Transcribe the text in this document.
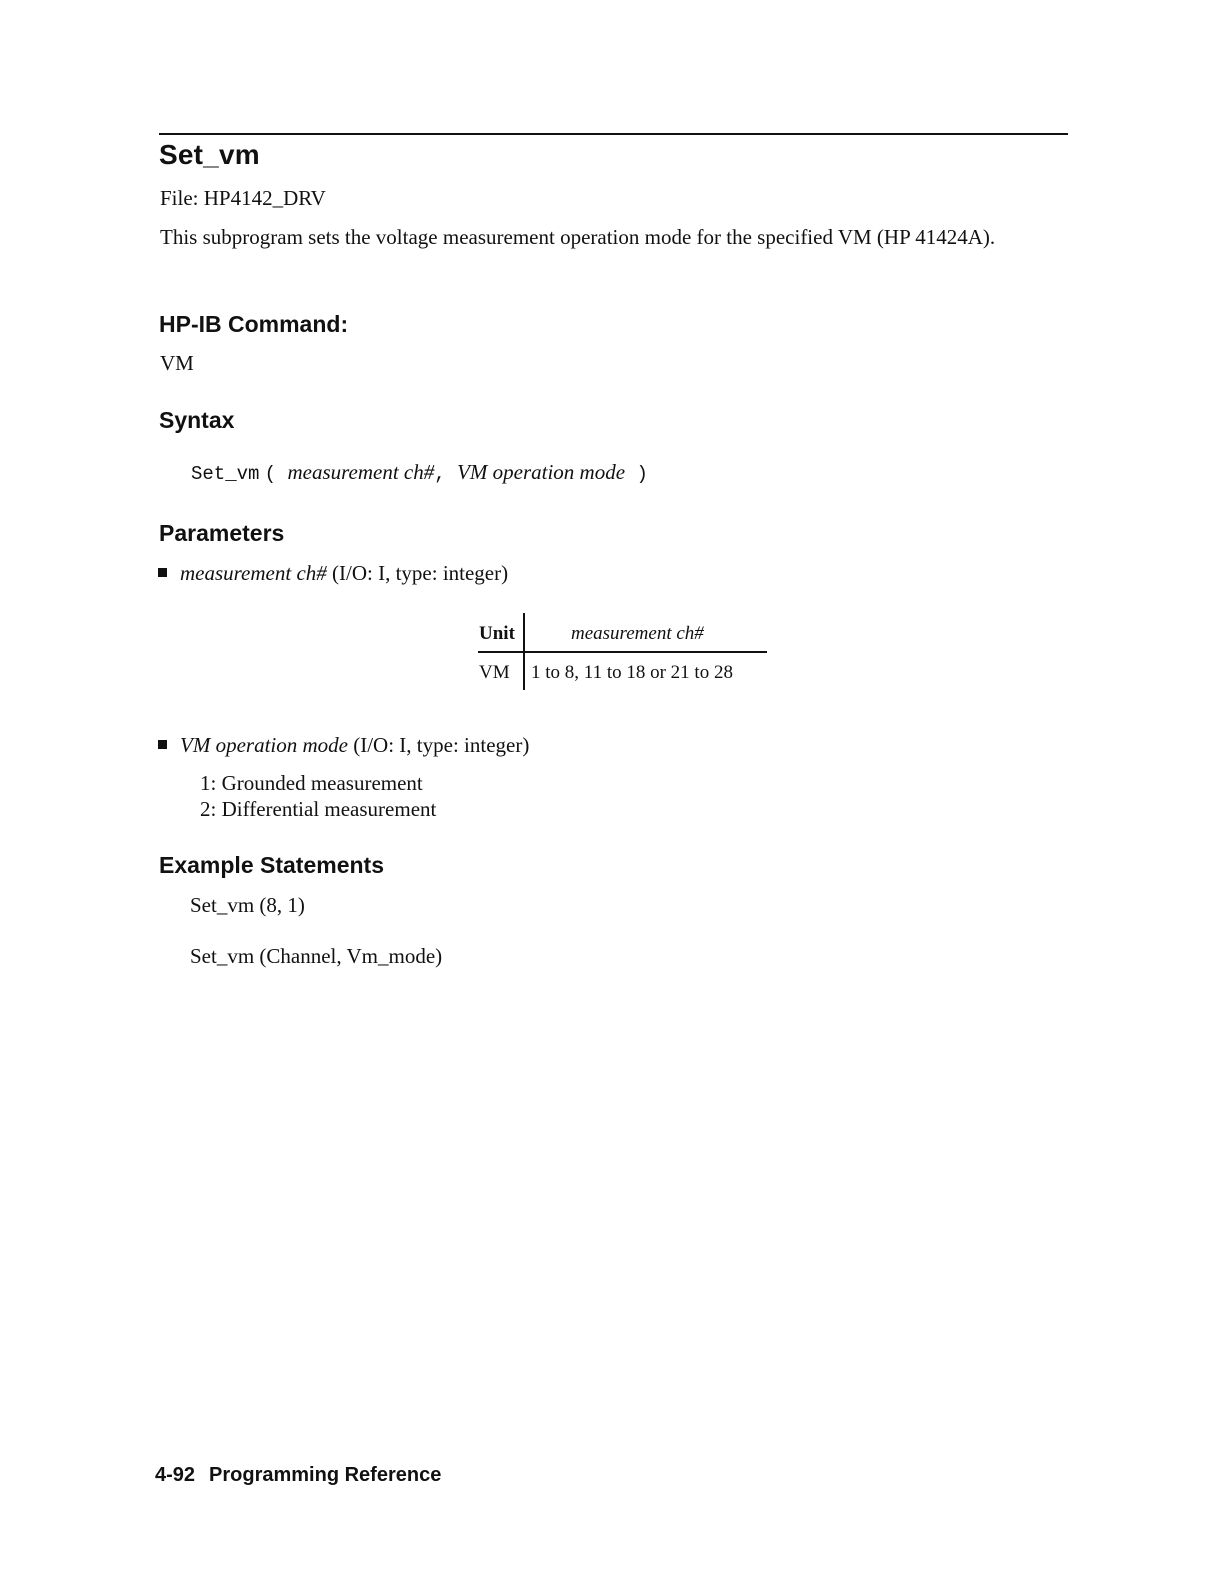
Set_vm
File: HP4142_DRV
This subprogram sets the voltage measurement operation mode for the specified VM (HP 41424A).
HP-IB Command:
VM
Syntax
Set_vm ( measurement ch#, VM operation mode )
Parameters
measurement ch# (I/O: I, type: integer)
Unit	measurement ch#
VM 1 to 8, 11 to 18 or 21 to 28
VM operation mode (I/O: I, type: integer)
1: Grounded measurement
2: Differential measurement
Example Statements
Set_vm (8, 1)
Set_vm (Channel, Vm_mode)
4-92 Programming Reference
